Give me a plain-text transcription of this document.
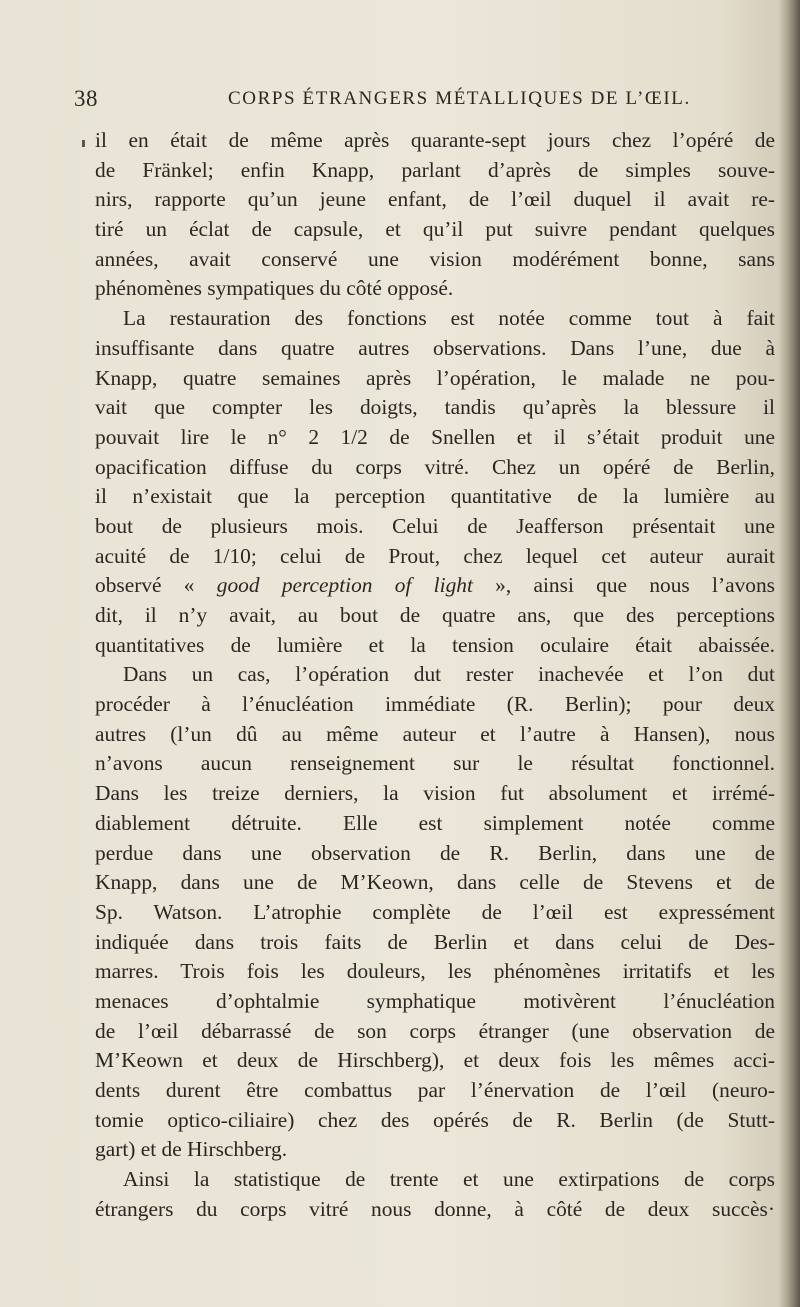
38	CORPS ÉTRANGERS MÉTALLIQUES DE L’ŒIL.
il en était de même après quarante-sept jours chez l’opéré de
de Fränkel; enfin Knapp, parlant d’après de simples souve-
nirs, rapporte qu’un jeune enfant, de l’œil duquel il avait re-
tiré un éclat de capsule, et qu’il put suivre pendant quelques
années, avait conservé une vision modérément bonne, sans
phénomènes sympatiques du côté opposé.
La restauration des fonctions est notée comme tout à fait
insuffisante dans quatre autres observations. Dans l’une, due à
Knapp, quatre semaines après l’opération, le malade ne pou-
vait que compter les doigts, tandis qu’après la blessure il
pouvait lire le n° 2 1/2 de Snellen et il s’était produit une
opacification diffuse du corps vitré. Chez un opéré de Berlin,
il n’existait que la perception quantitative de la lumière au
bout de plusieurs mois. Celui de Jeafferson présentait une
acuité de 1/10; celui de Prout, chez lequel cet auteur aurait
observé « good perception of light », ainsi que nous l’avons
dit, il n’y avait, au bout de quatre ans, que des perceptions
quantitatives de lumière et la tension oculaire était abaissée.
Dans un cas, l’opération dut rester inachevée et l’on dut
procéder à l’énucléation immédiate (R. Berlin); pour deux
autres (l’un dû au même auteur et l’autre à Hansen), nous
n’avons aucun renseignement sur le résultat fonctionnel.
Dans les treize derniers, la vision fut absolument et irrémé-
diablement détruite. Elle est simplement notée comme
perdue dans une observation de R. Berlin, dans une de
Knapp, dans une de M’Keown, dans celle de Stevens et de
Sp. Watson. L’atrophie complète de l’œil est expressément
indiquée dans trois faits de Berlin et dans celui de Des-
marres. Trois fois les douleurs, les phénomènes irritatifs et les
menaces d’ophtalmie symphatique motivèrent l’énucléation
de l’œil débarrassé de son corps étranger (une observation de
M’Keown et deux de Hirschberg), et deux fois les mêmes acci-
dents durent être combattus par l’énervation de l’œil (neuro-
tomie optico-ciliaire) chez des opérés de R. Berlin (de Stutt-
gart) et de Hirschberg.
Ainsi la statistique de trente et une extirpations de corps
étrangers du corps vitré nous donne, à côté de deux succès·
